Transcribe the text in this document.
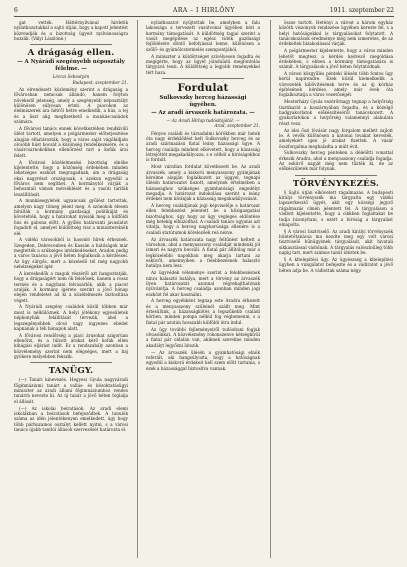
6	ARA – I HIRLÖNY	1911. szeptember 22

gat vették. Háttérnyilvánul hirdetik nyilatkozatukkal a sajtó útján, hogy a kapott jelentést közreadják és a bizottság ügyeit nyilvánosságra hozzák. (Vályi Lászlóné.)

A drágaság ellen.
— A Nyárádi szegényebb néposztály félelme. —
Lévrai Sebestyén
Budapest, szeptember 21.

Az elrendezett közlemény szerint a drágaság a fővárosban nemcsak állandó, hanem folyton növekedő jelenség, amely a szegényebb néposztályt különösen súlyosan érinti. A piacokon az élelmiszerek ára hétről hétre emelkedik, a hús, a tej és a liszt alig megfizethető a munkáscsaládok számára.

A fővárosi tanács ennek következtében rendkívüli ülést tartott, amelyen a polgármester előterjesztése alapján elhatározták, hogy a város saját vágóhídjain olcsóbb húst bocsát a közönség rendelkezésére, és a vásárcsarnokokban ellenőrzést tart a kofák árai felett.

A fővárosi közélelmezési bizottság elnöke kijelentette, hogy a közönség érdekében minden lehetséges eszközt megragadnak, ám a drágaság okai nagyrészt országosak, s azokon egyedül a főváros nem segíthet. A kormánytól várják a behozatali vámok mérséklését és a vasúti tarifák leszállítását.

A munkásegyletek ugyancsak gyűlést tartottak, amelyen nagy tömeg jelent meg. A szónokok élesen bírálták a kormány gazdasági politikáját és követelték, hogy a határokat nyissák meg a külföldi hús és gabona előtt. A gyűlés határozati javaslatot fogadott el, amelyet küldöttség visz a miniszterelnök elé.

A vidéki városokból is hasonló hírek érkeznek. Szegeden, Debrecenben és Kassán a hatóságok már megtették a szükséges intézkedéseket, Aradon pedig a város tanácsa a jövő héten foglalkozik a kérdéssel. Az ügy sürgős, mert a közeledő tél még nagyobb nehézségeket ígér.

A kereskedők a maguk részéről azt hangoztatják, hogy a drágaságért nem ők felelősek, hanem a rossz termés és a nagybani felvásárlók, akik a piacot uralják. A kormány ígérete szerint a jövő hónap elején rendeletet ad ki a közélelmezés biztosítása végett.

A Nyárádi szegény családok közül többen már most is nélkülöznek. A helyi jótékony egyesületek népkonyhák felállítását tervezik, ahol a legszegényebbek olcsó vagy ingyenes ebédet kapnának a téli hónapok alatt.

A fővárosi rendőrség a piaci árusokat szigorúan ellenőrzi, és a túlzott árakat kérő kofák ellen kihágási eljárást indít. Ez a rendszabály azonban a közvélemény szerint nem elégséges, mert a baj gyökere mélyebben fekszik.

TANÜGY.

(—) Tanári kinevezés. Hegyesi Gyula nagyváradi főgimnáziumi tanárt a vallás- és közoktatásügyi miniszter az aradi állami főgimnáziumhoz rendes tanárrá nevezte ki. Az új tanár a jövő héten foglalja el állását.

(—) Az iskolai beiratások. Az aradi elemi iskolákban a beiratások befejeződtek. A tanulók száma az idén jelentékenyen emelkedett, úgy hogy több párhuzamos osztályt kellett nyitni, s a városi tanács újabb tanítói állások szervezését határozta el.

nyilatkozatot nyújtottak be, amelyben a falu lakossága a tervezett vasútvonal ügyében kéri a kormány támogatását. A küldöttség tagjai szerint a vasút megépítése az egész vidék gazdasági fejlődésére döntő befolyással lenne, különösen a szőlő- és gyümölcstermelés szempontjából.

A miniszter a küldöttséget szívélyesen fogadta és megígérte, hogy az ügyet jóindulatú megfontolás tárgyává teszi. A küldöttség a legjobb reményekkel tért haza.

Fordulat
Sulkovszky herceg házassági ügyében.
— Az aradi árvaszék határozata. —
— Az Aradi Hírlap tudósítójától. —
Arad, szeptember 21.

Fényes családi és társadalmi körökben már hetek óta nagy érdeklődést kelt Sulkovszky herceg és az aradi származású fiatal leány házassági ügye. A herceg családja mindent elkövetett, hogy a házasság létrejöttét megakadályozza, s e célból a bíróságokhoz is fordult.

Most váratlan fordulat következett be. Az aradi árvaszék, amely a kiskorú menyasszony gyámjának kérelme alapján foglalkozott az üggyel, tegnapi ülésén határozatot hozott, amelynek értelmében a házassághoz szükséges gyámhatósági engedélyt megadja. A határozat indokolása szerint a leány érdekei nem kívánják a házasság megakadályozását.

A herceg családjának jogi képviselője a határozat ellen felebbezést jelentett be a közigazgatási bizottsághoz, úgy hogy az ügy végleges eldöntése még hetekig elhúzódhat. A családi tanács ugyanis azt vitatja, hogy a herceg nagykorúsága ellenére is a családi statútumok kötelezőek reá nézve.

Az árvaszék határozata nagy feltűnést keltett a városban, ahol a menyasszony családját mindenki jól ismeri és nagyra becsüli. A fiatal pár állítólag már a legközelebbi napokban meg akarja tartani az esküvőt, amennyiben a felebbezésnek halasztó hatálya nem lesz.

Az ügyvédek véleménye szerint a felebbezésnek nincs halasztó hatálya, mert a törvény az árvaszék ilyen határozatát azonnal végrehajthatónak nyilvánítja. A herceg családja azonban minden jogi eszközt fel akar használni.

A herceg egyébként tegnap este Aradra érkezett és a menyasszony szüleinél szállt meg. Mint értesülünk, a házasságkötés a legszűkebb családi körben, minden pompa nélkül fog végbemenni, s a fiatal pár azután hosszabb külföldi útra indul.

Az ügy további fejleményeiről tudósítani fogjuk olvasóinkat. A közvélemény rokonszenve kétségkívül a fiatal pár oldalán van, akiknek szerelme minden akadályt legyőzni látszik.

— Az árvaszék ülésén a gyámhatósági elnök referált, aki hangsúlyozta, hogy a hatóságnak egyedül a kiskorú érdekeit kell szem előtt tartania, s ezek a házassággal biztosítva vannak.

össze tartott. Hetényi a várost a három egyház közötti viszonyok rendezése ügyében kereste fel, s a helyi hatóságokkal is tárgyalásokat folytatott. A tanácskozások eredménye még nem ismeretes, de az érdekeltek bizakodással várják.

A polgármester kijelentette, hogy a város minden lehetőt megtesz a kérdés kedvező megoldása érdekében, s ebben a kormány támogatására is számít. A tárgyalások a jövő héten folytatódnak.

A városi közgyűlés pénteki ülésén több fontos ügy kerül napirendre. Ezek közül kiemelkedik a vízvezeték kibővítésének terve és az új kórház építésének kérdése, amely már évek óta foglalkoztatja a város vezetőségét.

Mesterházy Gyula vezérőrnagy tegnap a helyőrség tisztikarát a kaszárnyában fogadta, és a közelgő hadgyakorlatok előkészítéséről tanácskozott. A gyakorlatokon a helyőrség valamennyi alakulata részt vesz.

Az idei őszi lóvásár nagy forgalom mellett zajlott le. A vevők különösen a katonai lovakat keresték, amelyekért igen jó árakat fizettek. A vásár összforgalma meghaladta a múlt évit.

Sulkovszky herceg pénteken a délelőtti vonattal érkezik Aradra, ahol a menyasszony családja fogadja. Az esküvő napját még nem tűzték ki, de az előkészületek már folynak.

TÖRVÉNYKEZÉS.

§ Sajtó útján elkövetett rágalmazás. A budapesti királyi törvényszék ma tárgyalta egy vidéki lapszerkesztő ügyét, akit egy községi jegyző rágalmazás címén jelentett fel. A tárgyaláson a vádlott kijelentette, hogy a cikkben foglaltakat be tudja bizonyítani, s ezért a bíróság a tárgyalást elnapolta.

§ A városi tisztviselő. Az aradi királyi törvényszék büntetőtanácsa ma kezdte meg egy volt városi tisztviselő bűnügyének tárgyalását, akit hivatali sikkasztással vádolnak. A tárgyalás valószínűleg több napig tart, mert számos tanút idéztek be.

§ A kitelepítési ügy. Az ügyészség a kitelepítési ügyben a vizsgálatot befejezte és a vádiratot a jövő héten adja be. A vádlottak száma négy.
